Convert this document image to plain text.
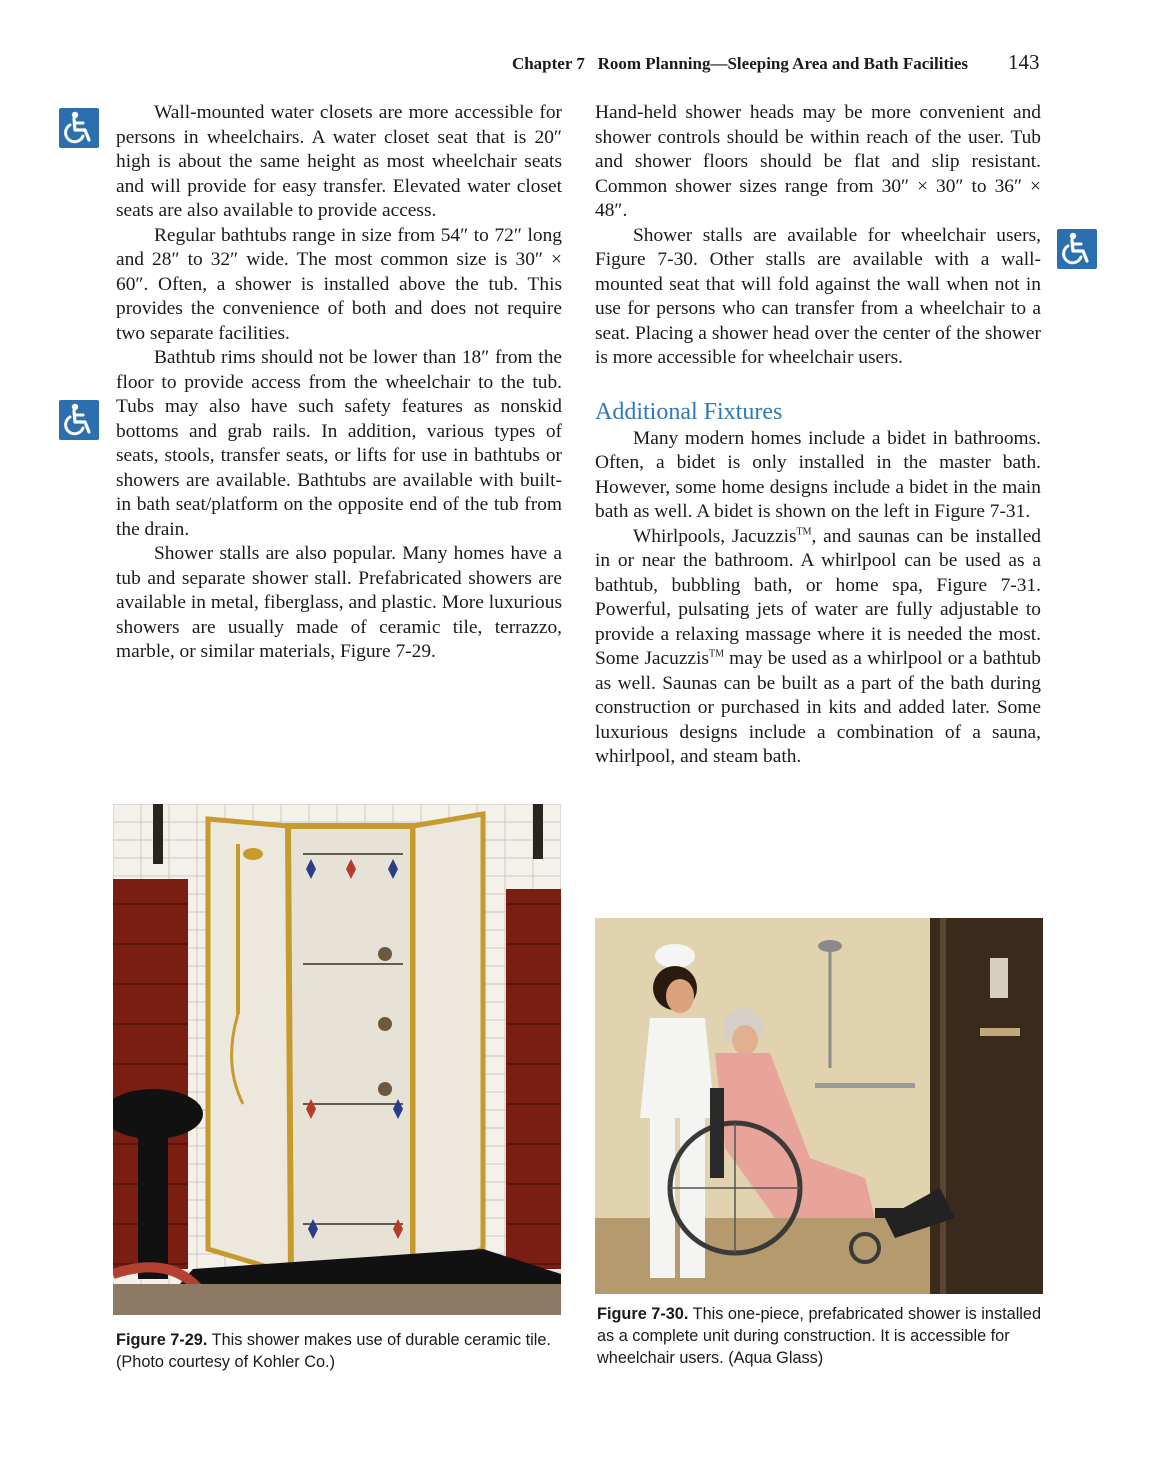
Chapter 7   Room Planning—Sleeping Area and Bath Facilities 143

Wall-mounted water closets are more accessible for persons in wheelchairs. A water closet seat that is 20″ high is about the same height as most wheelchair seats and will provide for easy transfer. Elevated water closet seats are also available to provide access.

Regular bathtubs range in size from 54″ to 72″ long and 28″ to 32″ wide. The most common size is 30″ × 60″. Often, a shower is installed above the tub. This provides the convenience of both and does not require two separate facilities.

Bathtub rims should not be lower than 18″ from the floor to provide access from the wheelchair to the tub. Tubs may also have such safety features as nonskid bottoms and grab rails. In addition, various types of seats, stools, transfer seats, or lifts for use in bathtubs or showers are available. Bathtubs are available with built-in bath seat/platform on the opposite end of the tub from the drain.

Shower stalls are also popular. Many homes have a tub and separate shower stall. Prefabricated showers are available in metal, fiberglass, and plastic. More luxurious showers are usually made of ceramic tile, terrazzo, marble, or similar materials, Figure 7-29.

Hand-held shower heads may be more convenient and shower controls should be within reach of the user. Tub and shower floors should be flat and slip resistant. Common shower sizes range from 30″ × 30″ to 36″ × 48″.

Shower stalls are available for wheelchair users, Figure 7-30. Other stalls are available with a wall-mounted seat that will fold against the wall when not in use for persons who can transfer from a wheelchair to a seat. Placing a shower head over the center of the shower is more accessible for wheelchair users.

Additional Fixtures

Many modern homes include a bidet in bathrooms. Often, a bidet is only installed in the master bath. However, some home designs include a bidet in the main bath as well. A bidet is shown on the left in Figure 7-31.

Whirlpools, Jacuzzis™, and saunas can be installed in or near the bathroom. A whirlpool can be used as a bathtub, bubbling bath, or home spa, Figure 7-31. Powerful, pulsating jets of water are fully adjustable to provide a relaxing massage where it is needed the most. Some Jacuzzis™ may be used as a whirlpool or a bathtub as well. Saunas can be built as a part of the bath during construction or purchased in kits and added later. Some luxurious designs include a combination of a sauna, whirlpool, and steam bath.

Figure 7-29. This shower makes use of durable ceramic tile. (Photo courtesy of Kohler Co.)
Figure 7-30. This one-piece, prefabricated shower is installed as a complete unit during construction. It is accessible for wheelchair users. (Aqua Glass)
